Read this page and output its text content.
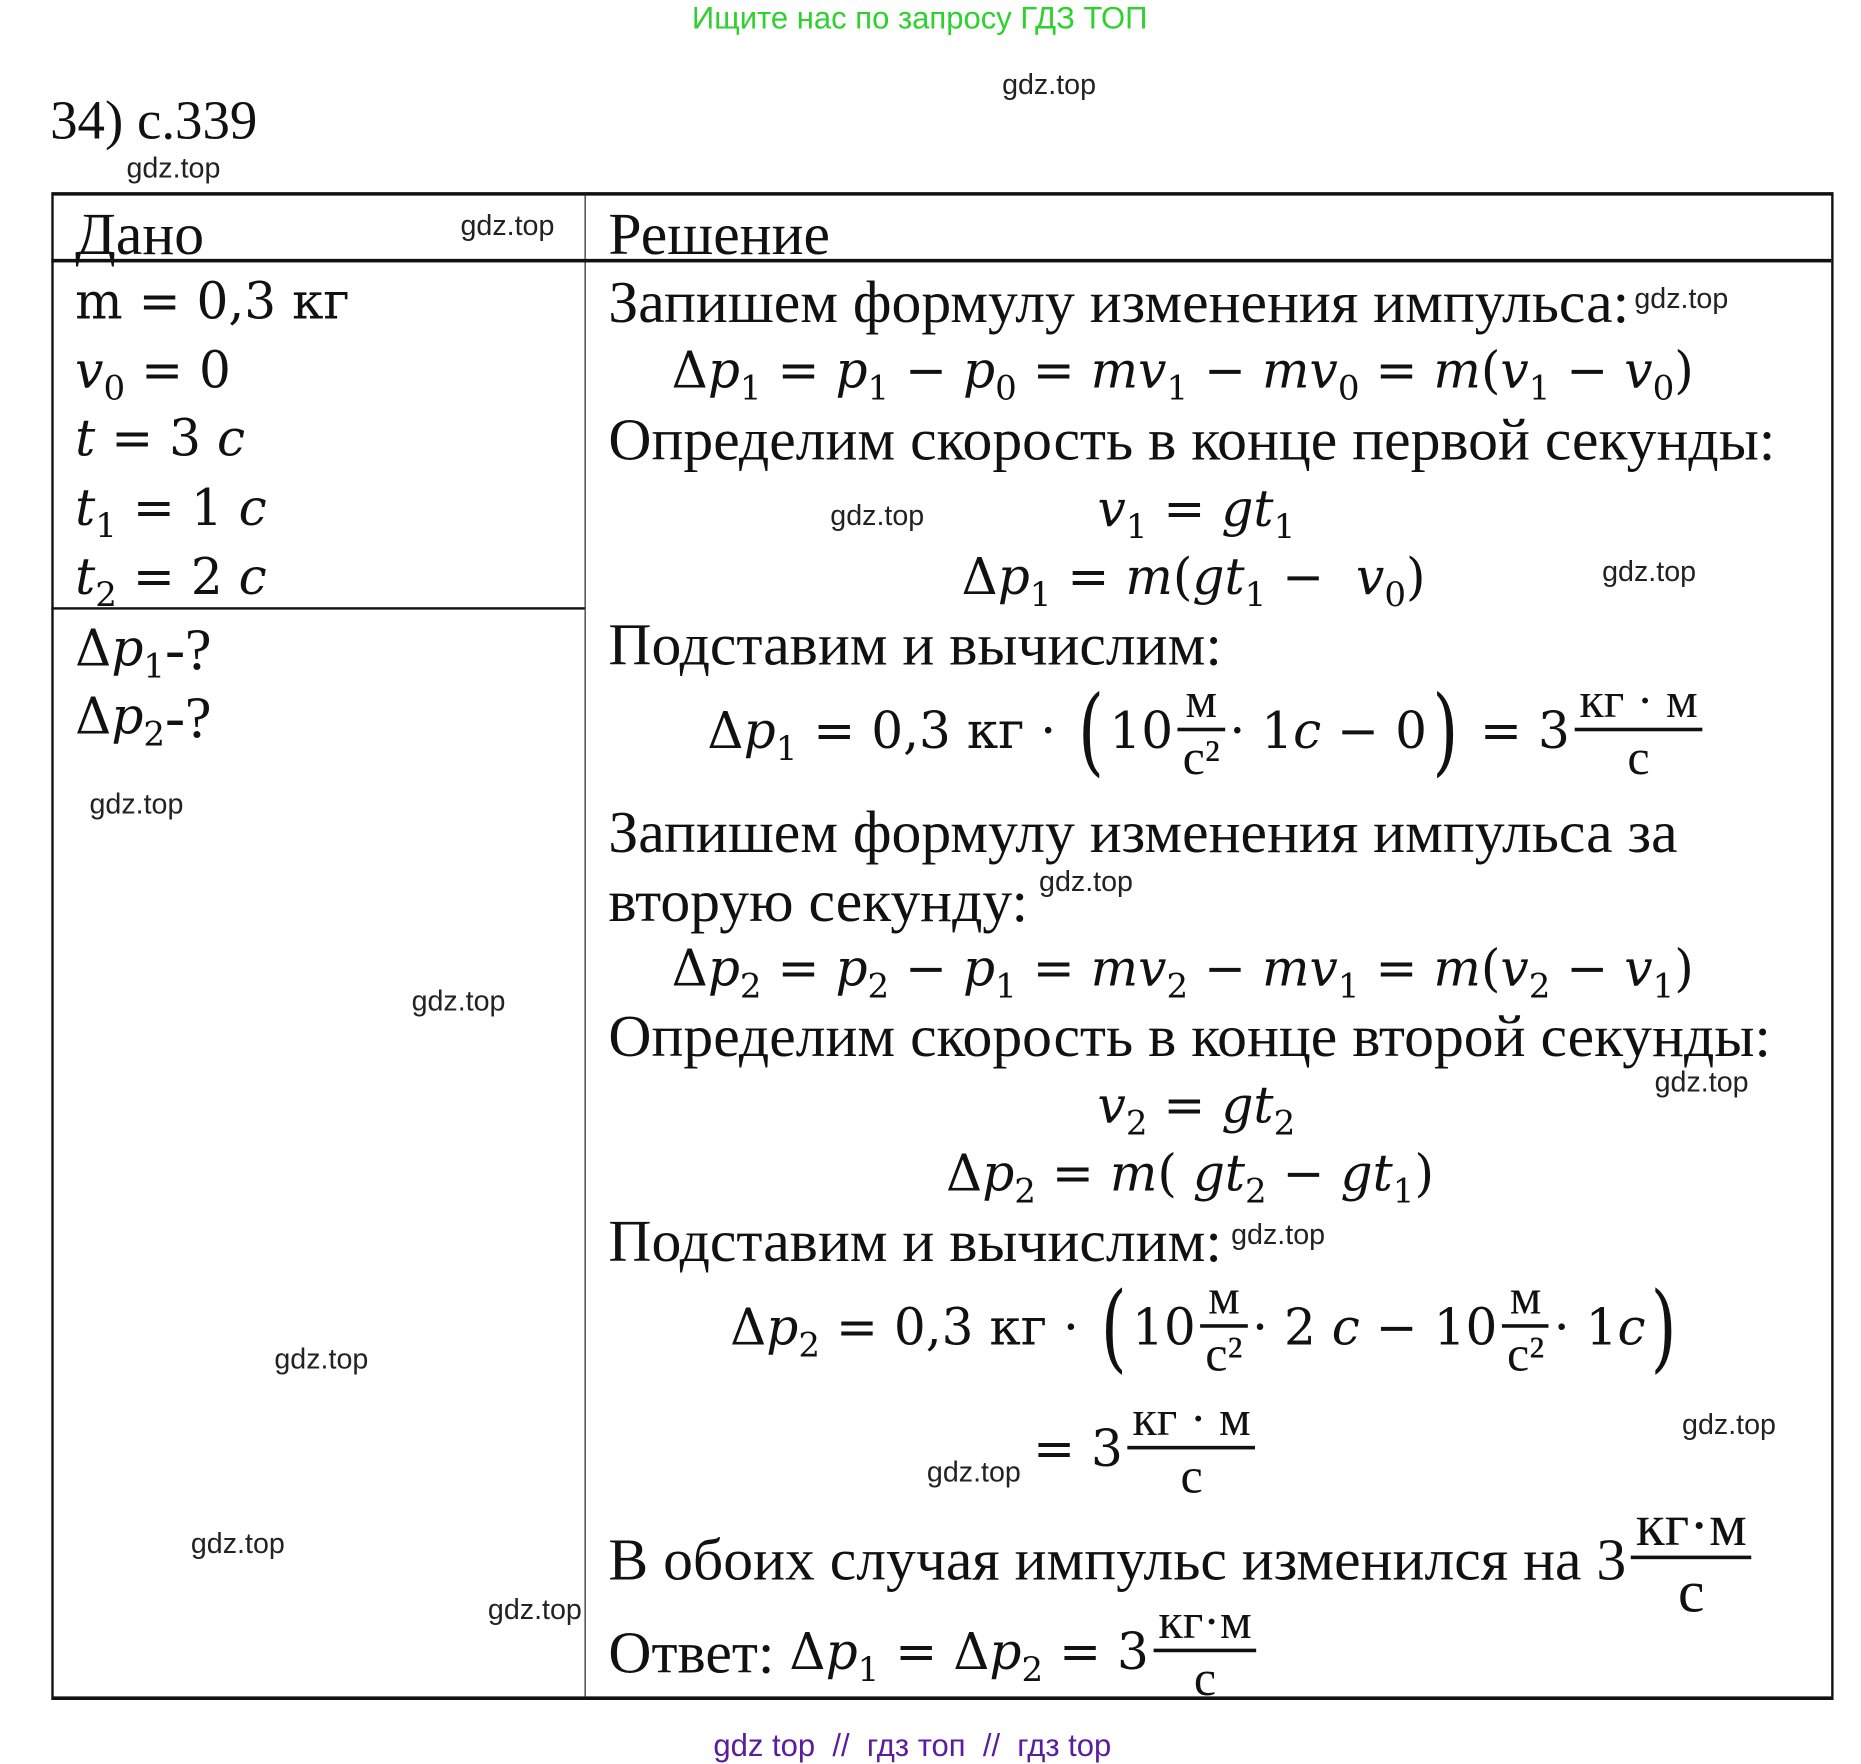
Ищите нас по запросу ГДЗ ТОП
34) с.339
Дано	Решение
m = 0,3 кг
v $_0$ = 0
t = 3 c
t $_1$ = 1 c
t $_2$ = 2 c
Δ p $_1$ -?
Δ p $_2$ -?
Запишем формулу изменения импульса:
Δ p $_1$ = p $_1$ − p $_0$ = mv $_1$ − mv $_0$ = m ( v $_1$ − v $_0$ )
Определим скорость в конце первой секунды:
v $_1$ = gt $_1$
Δ p $_1$ = m ( gt $_1$ − v $_0$ )
Подставим и вычислим:
Δ p $_1$ = 0,3 кг · ( $10 \frac{м}{\text{c²}} \cdot 1$ c − 0 ) = $3 \frac{кг \cdot м}{с}$
Запишем формулу изменения импульса за
вторую секунду:
Δ p $_2$ = p $_2$ − p $_1$ = mv $_2$ − mv $_1$ = m ( v $_2$ − v $_1$ )
Определим скорость в конце второй секунды:
v $_2$ = gt $_2$
Δ p $_2$ = m ( gt $_2$ − gt $_1$ )
Подставим и вычислим:
Δ p $_2$ = 0,3 кг · ( $10 \frac{м}{\text{c²}} \cdot 2$ $c - 10 \frac{м}{\text{c²}} \cdot 1$ c )
= $3 \frac{кг \cdot м}{с}$
В обоих случая импульс изменился на $3 \frac{кг\cdot м}{с}$
Ответ: Δ p $_1$ = Δ p $_2 = 3 \frac{кг\cdot м}{с}$
gdz.top
gdz.top
gdz.top
gdz.top
gdz.top
gdz.top
gdz.top
gdz.top
gdz.top
gdz.top
gdz.top
gdz.top
gdz.top
gdz.top
gdz.top
gdz.top
gdz top  //  гдз топ  //  гдз top
